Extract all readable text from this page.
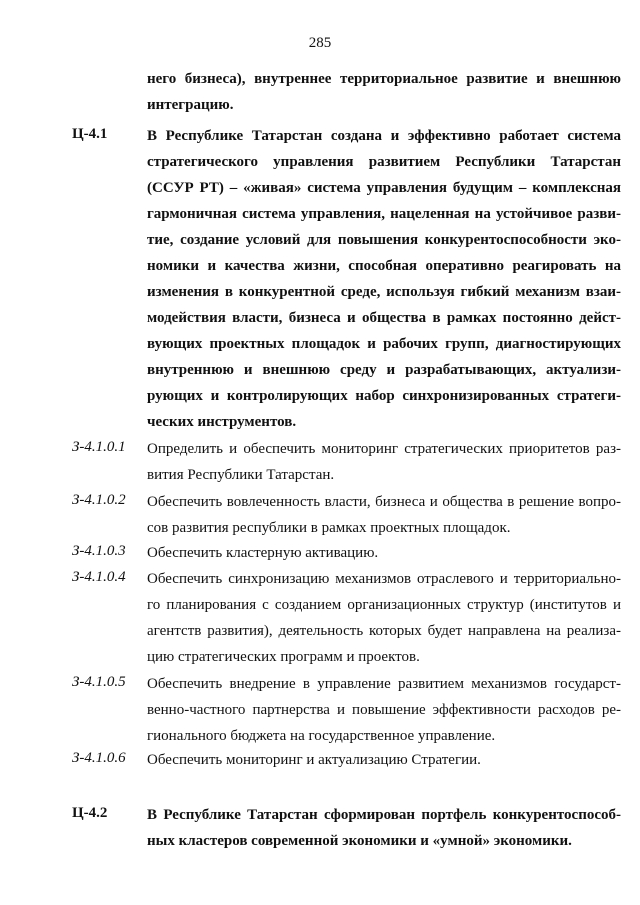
285
него бизнеса), внутреннее территориальное развитие и внешнюю
интеграцию.
Ц-4.1	В Республике Татарстан создана и эффективно работает система
стратегического управления развитием Республики Татарстан
(ССУР РТ) – «живая» система управления будущим – комплексная
гармоничная система управления, нацеленная на устойчивое разви-
тие, создание условий для повышения конкурентоспособности эко-
номики и качества жизни, способная оперативно реагировать на
изменения в конкурентной среде, используя гибкий механизм взаи-
модействия власти, бизнеса и общества в рамках постоянно дейст-
вующих проектных площадок и рабочих групп, диагностирующих
внутреннюю и внешнюю среду и разрабатывающих, актуализи-
рующих и контролирующих набор синхронизированных стратеги-
ческих инструментов.
З-4.1.0.1 Определить и обеспечить мониторинг стратегических приоритетов раз-
вития Республики Татарстан.
З-4.1.0.2 Обеспечить вовлеченность власти, бизнеса и общества в решение вопро-
сов развития республики в рамках проектных площадок.
З-4.1.0.3 Обеспечить кластерную активацию.
З-4.1.0.4 Обеспечить синхронизацию механизмов отраслевого и территориально-
го планирования с созданием организационных структур (институтов и
агентств развития), деятельность которых будет направлена на реализа-
цию стратегических программ и проектов.
З-4.1.0.5 Обеспечить внедрение в управление развитием механизмов государст-
венно-частного партнерства и повышение эффективности расходов ре-
гионального бюджета на государственное управление.
З-4.1.0.6 Обеспечить мониторинг и актуализацию Стратегии.
Ц-4.2	В Республике Татарстан сформирован портфель конкурентоспособ-
ных кластеров современной экономики и «умной» экономики.
